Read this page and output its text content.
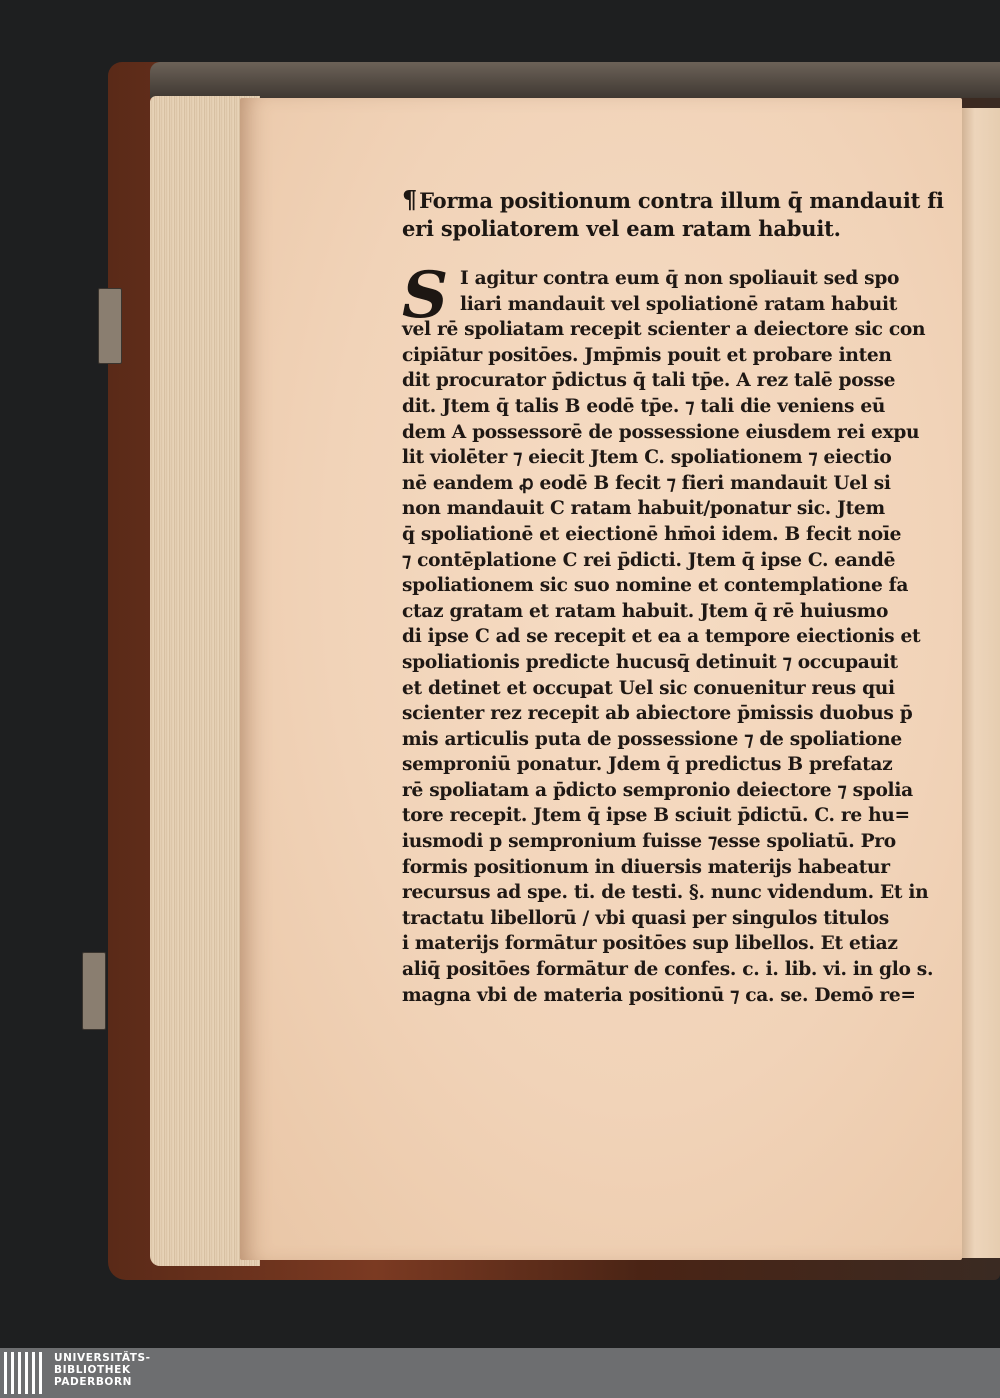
¶Forma positionum contra illum q̄ mandauit fi
eri spoliatorem vel eam ratam habuit.
S I agitur contra eum q̄ non spoliauit sed spo
liari mandauit vel spoliationē ratam habuit
vel rē spoliatam recepit scienter a deiectore sic con
cipiātur positōes. Jmp̄mis pouit et probare inten
dit procurator p̄dictus q̄ tali tp̄e. A rez talē posse
dit. Jtem q̄ talis B eodē tp̄e. ⁊ tali die veniens eū
dem A possessorē de possessione eiusdem rei expu
lit violēter ⁊ eiecit Jtem C. spoliationem ⁊ eiectio
nē eandem ꝓ eodē B fecit ⁊ fieri mandauit Uel si
non mandauit C ratam habuit/ponatur sic. Jtem
q̄ spoliationē et eiectionē hm̄oi idem. B fecit noīe
⁊ contēplatione C rei p̄dicti. Jtem q̄ ipse C. eandē
spoliationem sic suo nomine et contemplatione fa
ctaz gratam et ratam habuit. Jtem q̄ rē huiusmo
di ipse C ad se recepit et ea a tempore eiectionis et
spoliationis predicte hucusq̄ detinuit ⁊ occupauit
et detinet et occupat Uel sic conuenitur reus qui
scienter rez recepit ab abiectore p̄missis duobus p̄
mis articulis puta de possessione ⁊ de spoliatione
semproniū ponatur. Jdem q̄ predictus B prefataz
rē spoliatam a p̄dicto sempronio deiectore ⁊ spolia
tore recepit. Jtem q̄ ipse B sciuit p̄dictū. C. re hu=
iusmodi p sempronium fuisse ⁊esse spoliatū. Pro
formis positionum in diuersis materijs habeatur
recursus ad spe. ti. de testi. §. nunc videndum. Et in
tractatu libellorū / vbi quasi per singulos titulos
i materijs formātur positōes sup libellos. Et etiaz
aliq̄ positōes formātur de confes. c. i. lib. vi. in glo s.
magna vbi de materia positionū ⁊ ca. se. Demō re=
UNIVERSITÄTS-
BIBLIOTHEK
PADERBORN
